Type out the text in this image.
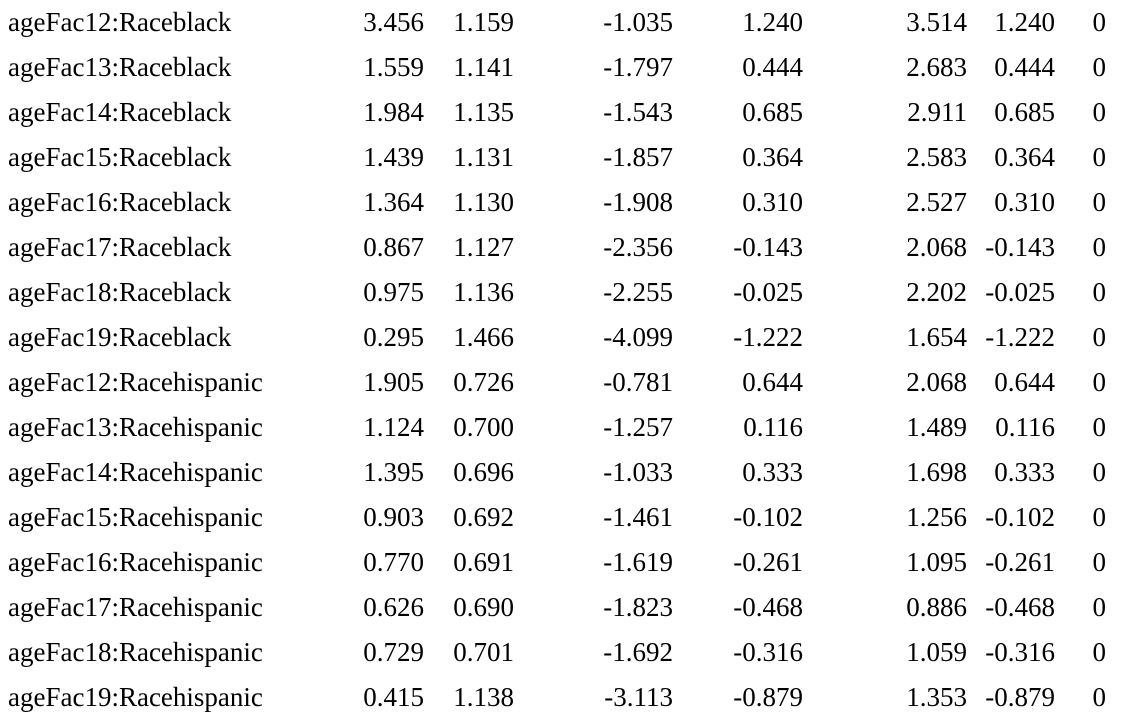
ageFac12:Raceblack	3.456	1.159	-1.035	1.240	3.514	1.240	0
ageFac13:Raceblack	1.559	1.141	-1.797	0.444	2.683	0.444	0
ageFac14:Raceblack	1.984	1.135	-1.543	0.685	2.911	0.685	0
ageFac15:Raceblack	1.439	1.131	-1.857	0.364	2.583	0.364	0
ageFac16:Raceblack	1.364	1.130	-1.908	0.310	2.527	0.310	0
ageFac17:Raceblack	0.867	1.127	-2.356	-0.143	2.068 -0.143	0
ageFac18:Raceblack	0.975	1.136	-2.255	-0.025	2.202 -0.025	0
ageFac19:Raceblack	0.295	1.466	-4.099	-1.222	1.654 -1.222	0
ageFac12:Racehispanic	1.905	0.726	-0.781	0.644	2.068	0.644	0
ageFac13:Racehispanic	1.124	0.700	-1.257	0.116	1.489	0.116	0
ageFac14:Racehispanic	1.395	0.696	-1.033	0.333	1.698	0.333	0
ageFac15:Racehispanic	0.903	0.692	-1.461	-0.102	1.256 -0.102	0
ageFac16:Racehispanic	0.770	0.691	-1.619	-0.261	1.095 -0.261	0
ageFac17:Racehispanic	0.626	0.690	-1.823	-0.468	0.886 -0.468	0
ageFac18:Racehispanic	0.729	0.701	-1.692	-0.316	1.059 -0.316	0
ageFac19:Racehispanic	0.415	1.138	-3.113	-0.879	1.353 -0.879	0
